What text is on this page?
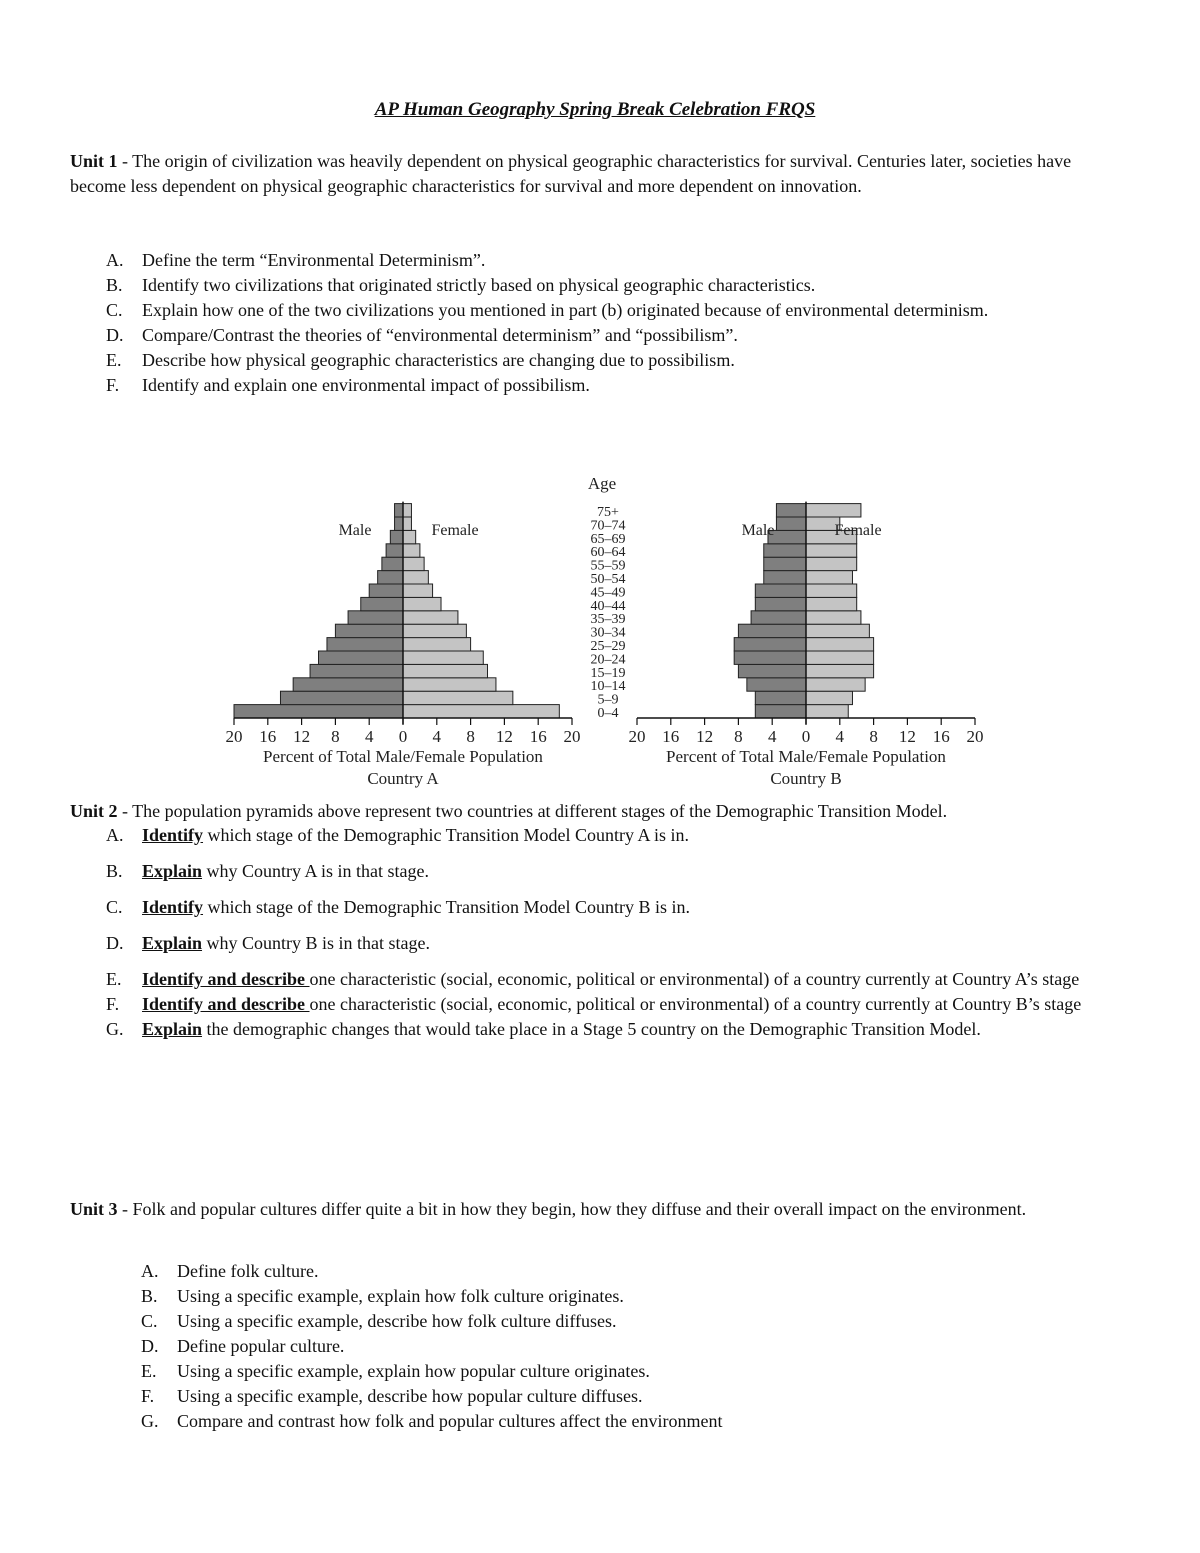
AP Human Geography Spring Break Celebration FRQS
Unit 1 - The origin of civilization was heavily dependent on physical geographic characteristics for survival. Centuries later, societies have become less dependent on physical geographic characteristics for survival and more dependent on innovation.
A. Define the term “Environmental Determinism”.
B. Identify two civilizations that originated strictly based on physical geographic characteristics.
C. Explain how one of the two civilizations you mentioned in part (b) originated because of environmental determinism.
D. Compare/Contrast the theories of “environmental determinism” and “possibilism”.
E. Describe how physical geographic characteristics are changing due to possibilism.
F. Identify and explain one environmental impact of possibilism.
20 16 12 8 4 0 4 8 12 16 20
Percent of Total Male/Female Population
Country A
Male	Female
20 16 12 8 4 0 4 8 12 16 20
Percent of Total Male/Female Population
Country B
Male	Female
0–4
5–9
10–14
15–19
20–24
25–29
30–34
35–39
40–44
45–49
50–54
55–59
60–64
65–69
70–74
75+
Age
Unit 2 - The population pyramids above represent two countries at different stages of the Demographic Transition Model.
A. Identify which stage of the Demographic Transition Model Country A is in.
B. Explain why Country A is in that stage.
C. Identify which stage of the Demographic Transition Model Country B is in.
D. Explain why Country B is in that stage.
E. Identify and describe one characteristic (social, economic, political or environmental) of a country currently at Country A’s stage
F. Identify and describe one characteristic (social, economic, political or environmental) of a country currently at Country B’s stage
G. Explain the demographic changes that would take place in a Stage 5 country on the Demographic Transition Model.
Unit 3 - Folk and popular cultures differ quite a bit in how they begin, how they diffuse and their overall impact on the environment.
A. Define folk culture.
B. Using a specific example, explain how folk culture originates.
C. Using a specific example, describe how folk culture diffuses.
D. Define popular culture.
E. Using a specific example, explain how popular culture originates.
F. Using a specific example, describe how popular culture diffuses.
G. Compare and contrast how folk and popular cultures affect the environment
